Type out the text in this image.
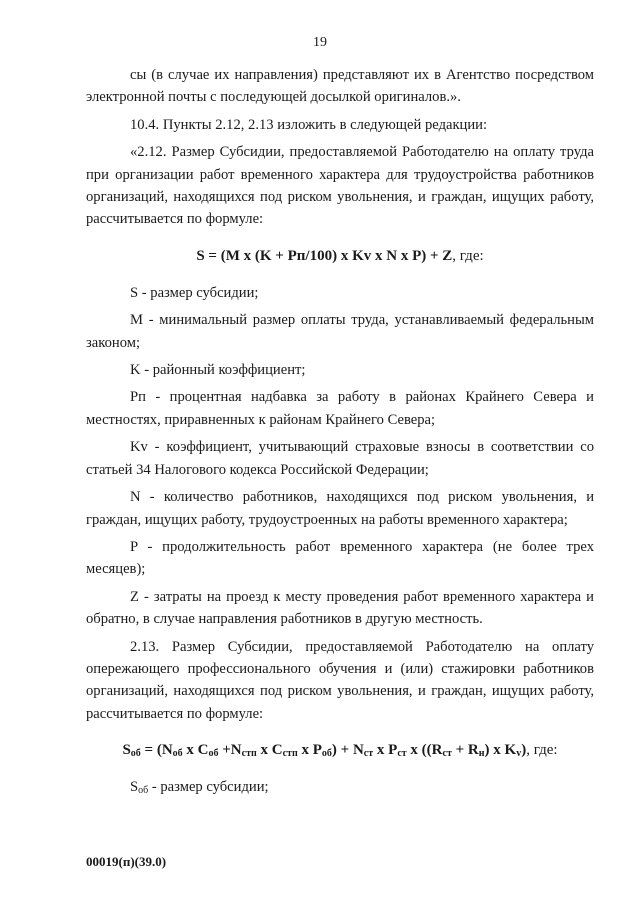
19

сы (в случае их направления) представляют их в Агентство посредством электронной почты с последующей досылкой оригиналов.».

10.4. Пункты 2.12, 2.13 изложить в следующей редакции:

«2.12. Размер Субсидии, предоставляемой Работодателю на оплату труда при организации работ временного характера для трудоустройства работников организаций, находящихся под риском увольнения, и граждан, ищущих работу, рассчитывается по формуле:

S = (M x (K + Pп/100) x Kv x N x P) + Z, где:

S - размер субсидии;

M - минимальный размер оплаты труда, устанавливаемый федеральным законом;

K - районный коэффициент;

Pп - процентная надбавка за работу в районах Крайнего Севера и местностях, приравненных к районам Крайнего Севера;

Kv - коэффициент, учитывающий страховые взносы в соответствии со статьей 34 Налогового кодекса Российской Федерации;

N - количество работников, находящихся под риском увольнения, и граждан, ищущих работу, трудоустроенных на работы временного характера;

P - продолжительность работ временного характера (не более трех месяцев);

Z - затраты на проезд к месту проведения работ временного характера и обратно, в случае направления работников в другую местность.

2.13. Размер Субсидии, предоставляемой Работодателю на оплату опережающего профессионального обучения и (или) стажировки работников организаций, находящихся под риском увольнения, и граждан, ищущих работу, рассчитывается по формуле:

$S_{об} = (N_{об}$ x $C_{об} +N_{стп}$ x $C_{стп}$ x $P_{об}) + N_{ст}$ x $P_{ст}$ x ($(R_{ст} + R_н)$ x $K_v$), где:

$S_{об}$ - размер субсидии;

00019(п)(39.0)
